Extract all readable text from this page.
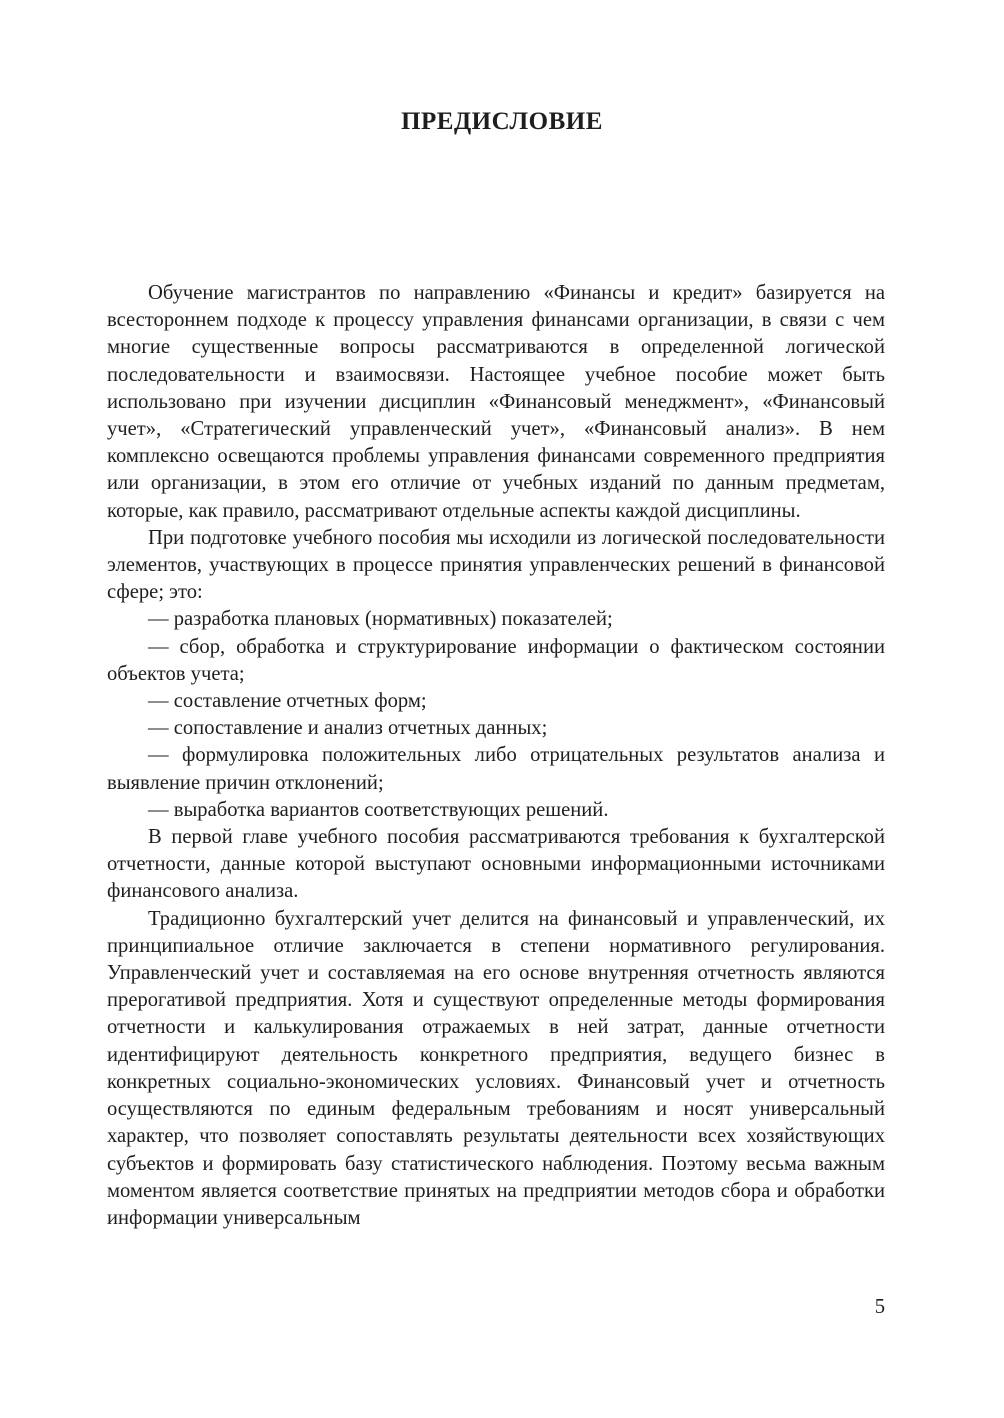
ПРЕДИСЛОВИЕ

Обучение магистрантов по направлению «Финансы и кредит» базируется на всестороннем подходе к процессу управления финансами организации, в связи с чем многие существенные вопросы рассматриваются в определенной логической последовательности и взаимосвязи. Настоящее учебное пособие может быть использовано при изучении дисциплин «Финансовый менеджмент», «Финансовый учет», «Стратегический управленческий учет», «Финансовый анализ». В нем комплексно освещаются проблемы управления финансами современного предприятия или организации, в этом его отличие от учебных изданий по данным предметам, которые, как правило, рассматривают отдельные аспекты каждой дисциплины.

При подготовке учебного пособия мы исходили из логической последовательности элементов, участвующих в процессе принятия управленческих решений в финансовой сфере; это:

— разработка плановых (нормативных) показателей;

— сбор, обработка и структурирование информации о фактическом состоянии объектов учета;

— составление отчетных форм;

— сопоставление и анализ отчетных данных;

— формулировка положительных либо отрицательных результатов анализа и выявление причин отклонений;

— выработка вариантов соответствующих решений.

В первой главе учебного пособия рассматриваются требования к бухгалтерской отчетности, данные которой выступают основными информационными источниками финансового анализа.

Традиционно бухгалтерский учет делится на финансовый и управленческий, их принципиальное отличие заключается в степени нормативного регулирования. Управленческий учет и составляемая на его основе внутренняя отчетность являются прерогативой предприятия. Хотя и существуют определенные методы формирования отчетности и калькулирования отражаемых в ней затрат, данные отчетности идентифицируют деятельность конкретного предприятия, ведущего бизнес в конкретных социально-экономических условиях. Финансовый учет и отчетность осуществляются по единым федеральным требованиям и носят универсальный характер, что позволяет сопоставлять результаты деятельности всех хозяйствующих субъектов и формировать базу статистического наблюдения. Поэтому весьма важным моментом является соответствие принятых на предприятии методов сбора и обработки информации универсальным

5
